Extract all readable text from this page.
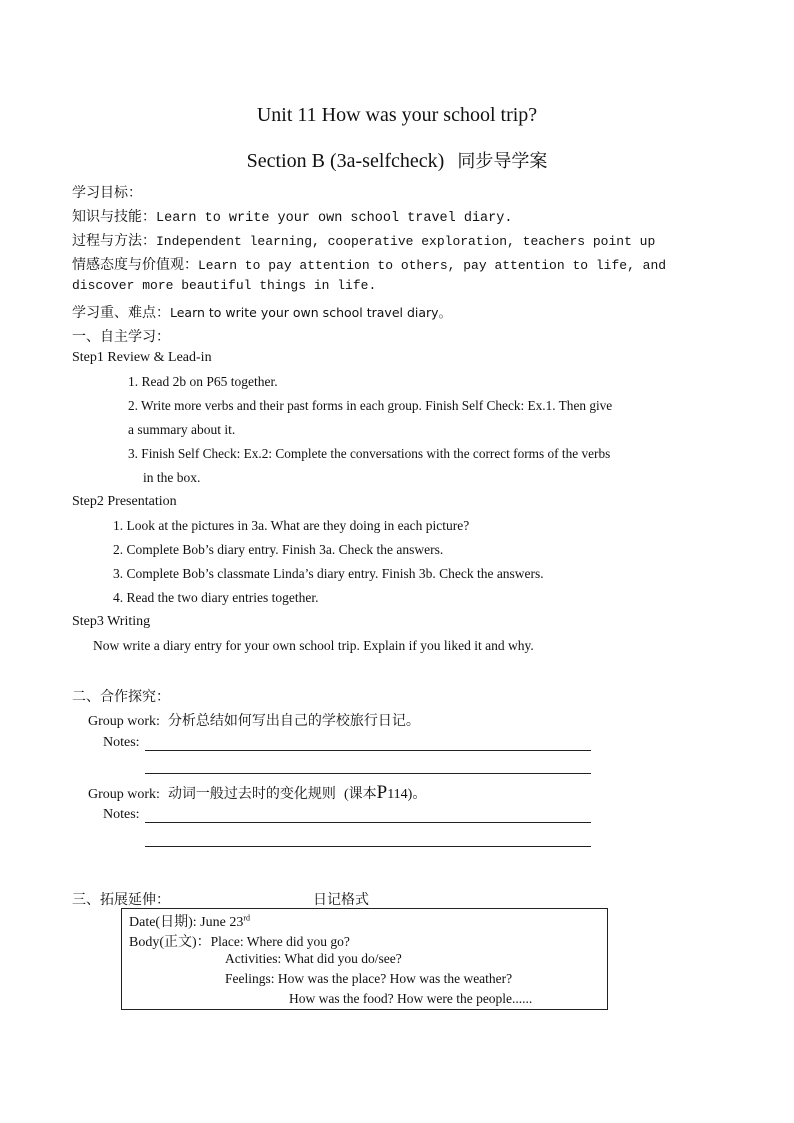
Unit 11 How was your school trip?
Section B (3a-selfcheck) 同步导学案
学习目标：
知识与技能：Learn to write your own school travel diary.
过程与方法：Independent learning, cooperative exploration, teachers point up
情感态度与价值观：Learn to pay attention to others, pay attention to life, and
discover more beautiful things in life.
学习重、难点：Learn to write your own school travel diary。
一、自主学习：
Step1 Review & Lead-in
1. Read 2b on P65 together.
2. Write more verbs and their past forms in each group. Finish Self Check: Ex.1. Then give
a summary about it.
3. Finish Self Check: Ex.2: Complete the conversations with the correct forms of the verbs
in the box.
Step2 Presentation
1. Look at the pictures in 3a. What are they doing in each picture?
2. Complete Bob’s diary entry. Finish 3a. Check the answers.
3. Complete Bob’s classmate Linda’s diary entry. Finish 3b. Check the answers.
4. Read the two diary entries together.
Step3 Writing
Now write a diary entry for your own school trip. Explain if you liked it and why.
二、合作探究：
Group work: 分析总结如何写出自己的学校旅行日记。
Notes:
Group work: 动词一般过去时的变化规则 (课本P114)。
Notes:
三、拓展延伸：	日记格式
Date(日期): June 23rd
Body(正文)：Place: Where did you go?
Activities: What did you do/see?
Feelings: How was the place? How was the weather?
How was the food? How were the people......
